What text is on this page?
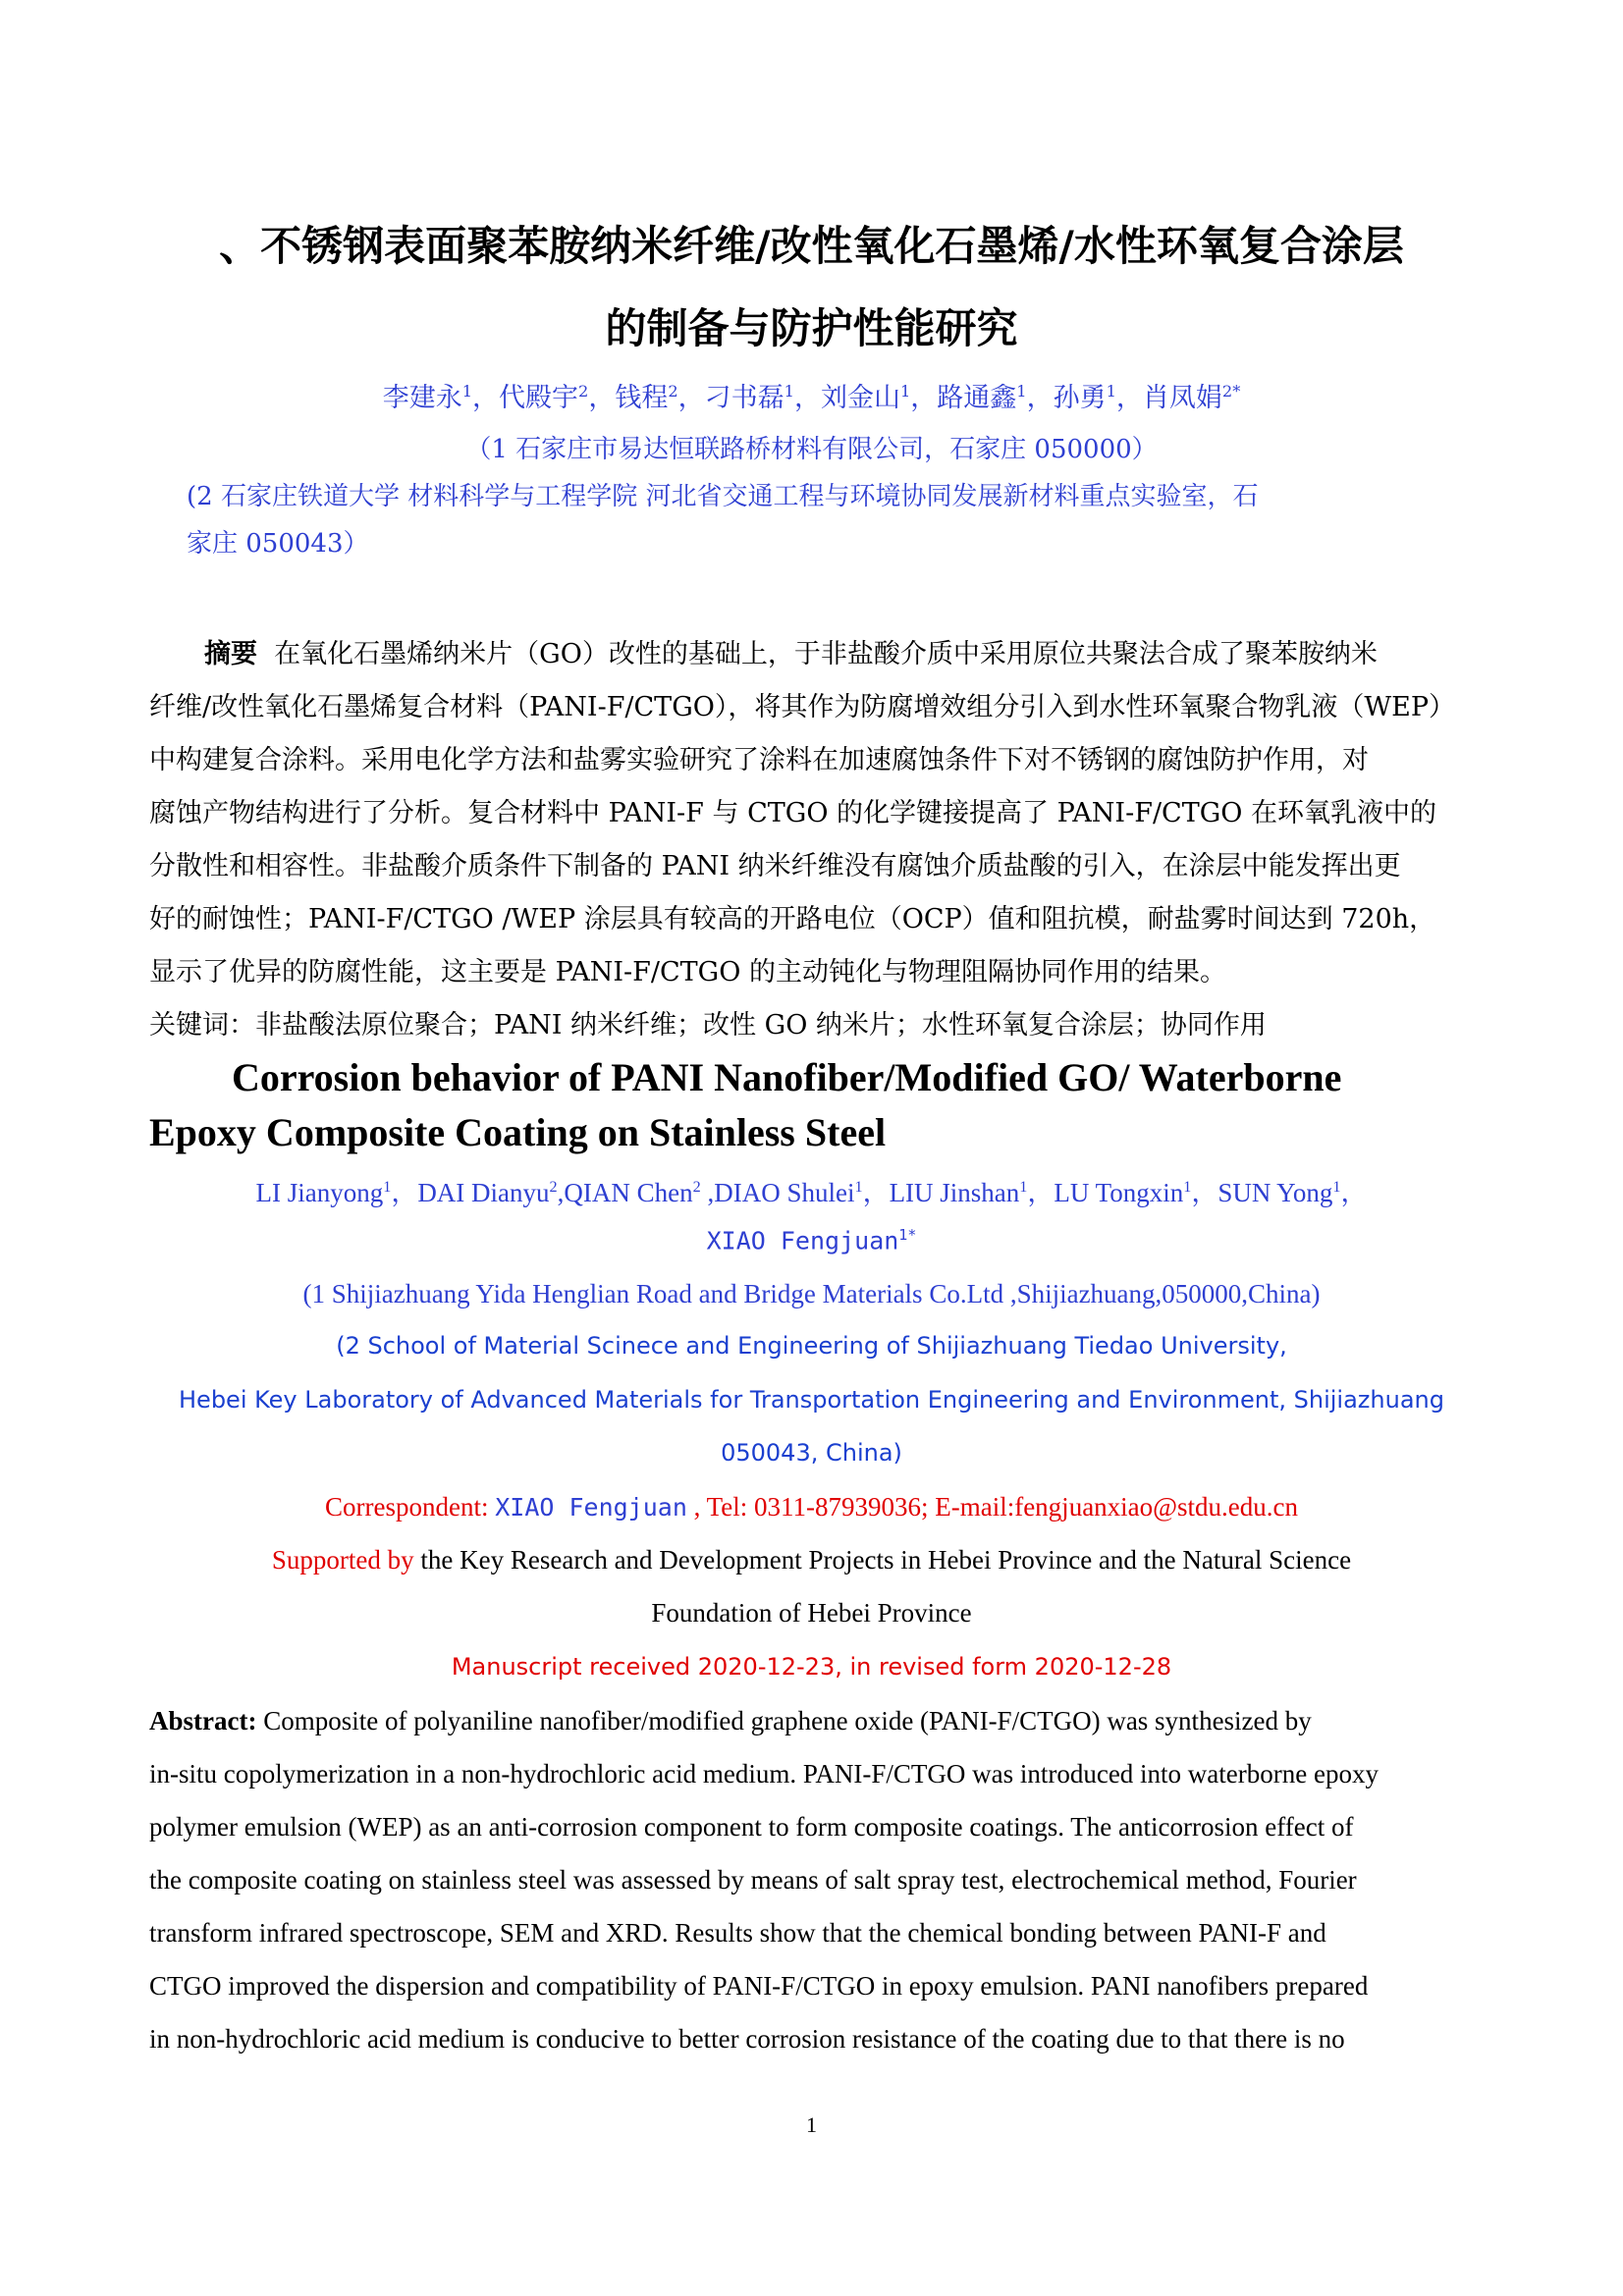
、不锈钢表面聚苯胺纳米纤维/改性氧化石墨烯/水性环氧复合涂层
的制备与防护性能研究
李建永$^1$，代殿宇$^2$，钱程$^2$，刁书磊$^1$，刘金山$^1$，路通鑫$^1$，孙勇$^1$，肖凤娟$^{2*}$
（1 石家庄市易达恒联路桥材料有限公司，石家庄 050000）
(2 石家庄铁道大学 材料科学与工程学院 河北省交通工程与环境协同发展新材料重点实验室，石
家庄 050043）
摘要 在氧化石墨烯纳米片（GO）改性的基础上，于非盐酸介质中采用原位共聚法合成了聚苯胺纳米
纤维/改性氧化石墨烯复合材料（PANI-F/CTGO），将其作为防腐增效组分引入到水性环氧聚合物乳液（WEP）
中构建复合涂料。采用电化学方法和盐雾实验研究了涂料在加速腐蚀条件下对不锈钢的腐蚀防护作用，对
腐蚀产物结构进行了分析。复合材料中 PANI-F 与 CTGO 的化学键接提高了 PANI-F/CTGO 在环氧乳液中的
分散性和相容性。非盐酸介质条件下制备的 PANI 纳米纤维没有腐蚀介质盐酸的引入，在涂层中能发挥出更
好的耐蚀性；PANI-F/CTGO /WEP 涂层具有较高的开路电位（OCP）值和阻抗模，耐盐雾时间达到 720h，
显示了优异的防腐性能，这主要是 PANI-F/CTGO 的主动钝化与物理阻隔协同作用的结果。
关键词：非盐酸法原位聚合；PANI 纳米纤维；改性 GO 纳米片；水性环氧复合涂层；协同作用
Corrosion behavior of PANI Nanofiber/Modified GO/ Waterborne
Epoxy Composite Coating on Stainless Steel
LI Jianyong$^1$，DAI Dianyu$^2$,QIAN Chen$^2$ ,DIAO Shulei$^1$，LIU Jinshan$^1$，LU Tongxin$^1$，SUN Yong$^1$，
XIAO Fengjuan$^{1*}$
(1 Shijiazhuang Yida Henglian Road and Bridge Materials Co.Ltd ,Shijiazhuang,050000,China)
(2 School of Material Scinece and Engineering of Shijiazhuang Tiedao University,
Hebei Key Laboratory of Advanced Materials for Transportation Engineering and Environment, Shijiazhuang
050043, China)
Correspondent: XIAO Fengjuan , Tel: 0311-87939036; E-mail:fengjuanxiao@stdu.edu.cn
Supported by the Key Research and Development Projects in Hebei Province and the Natural Science
Foundation of Hebei Province
Manuscript received 2020-12-23, in revised form 2020-12-28
Abstract: Composite of polyaniline nanofiber/modified graphene oxide (PANI-F/CTGO) was synthesized by
in-situ copolymerization in a non-hydrochloric acid medium. PANI-F/CTGO was introduced into waterborne epoxy
polymer emulsion (WEP) as an anti-corrosion component to form composite coatings. The anticorrosion effect of
the composite coating on stainless steel was assessed by means of salt spray test, electrochemical method, Fourier
transform infrared spectroscope, SEM and XRD. Results show that the chemical bonding between PANI-F and
CTGO improved the dispersion and compatibility of PANI-F/CTGO in epoxy emulsion. PANI nanofibers prepared
in non-hydrochloric acid medium is conducive to better corrosion resistance of the coating due to that there is no
1
